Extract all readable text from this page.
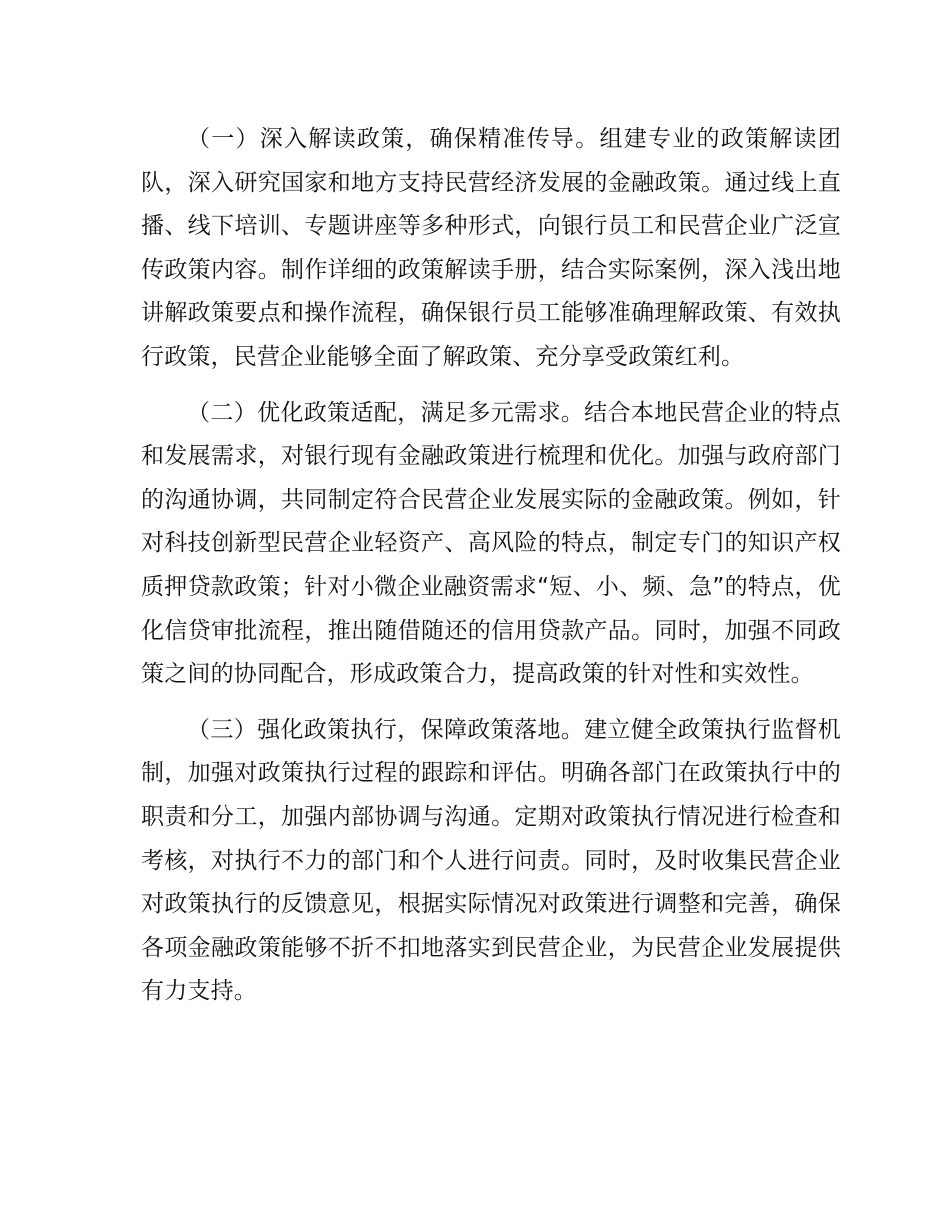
（一）深入解读政策，确保精准传导。组建专业的政策解读团队，深入研究国家和地方支持民营经济发展的金融政策。通过线上直播、线下培训、专题讲座等多种形式，向银行员工和民营企业广泛宣传政策内容。制作详细的政策解读手册，结合实际案例，深入浅出地讲解政策要点和操作流程，确保银行员工能够准确理解政策、有效执行政策，民营企业能够全面了解政策、充分享受政策红利。

（二）优化政策适配，满足多元需求。结合本地民营企业的特点和发展需求，对银行现有金融政策进行梳理和优化。加强与政府部门的沟通协调，共同制定符合民营企业发展实际的金融政策。例如，针对科技创新型民营企业轻资产、高风险的特点，制定专门的知识产权质押贷款政策；针对小微企业融资需求“短、小、频、急”的特点，优化信贷审批流程，推出随借随还的信用贷款产品。同时，加强不同政策之间的协同配合，形成政策合力，提高政策的针对性和实效性。

（三）强化政策执行，保障政策落地。建立健全政策执行监督机制，加强对政策执行过程的跟踪和评估。明确各部门在政策执行中的职责和分工，加强内部协调与沟通。定期对政策执行情况进行检查和考核，对执行不力的部门和个人进行问责。同时，及时收集民营企业对政策执行的反馈意见，根据实际情况对政策进行调整和完善，确保各项金融政策能够不折不扣地落实到民营企业，为民营企业发展提供有力支持。
